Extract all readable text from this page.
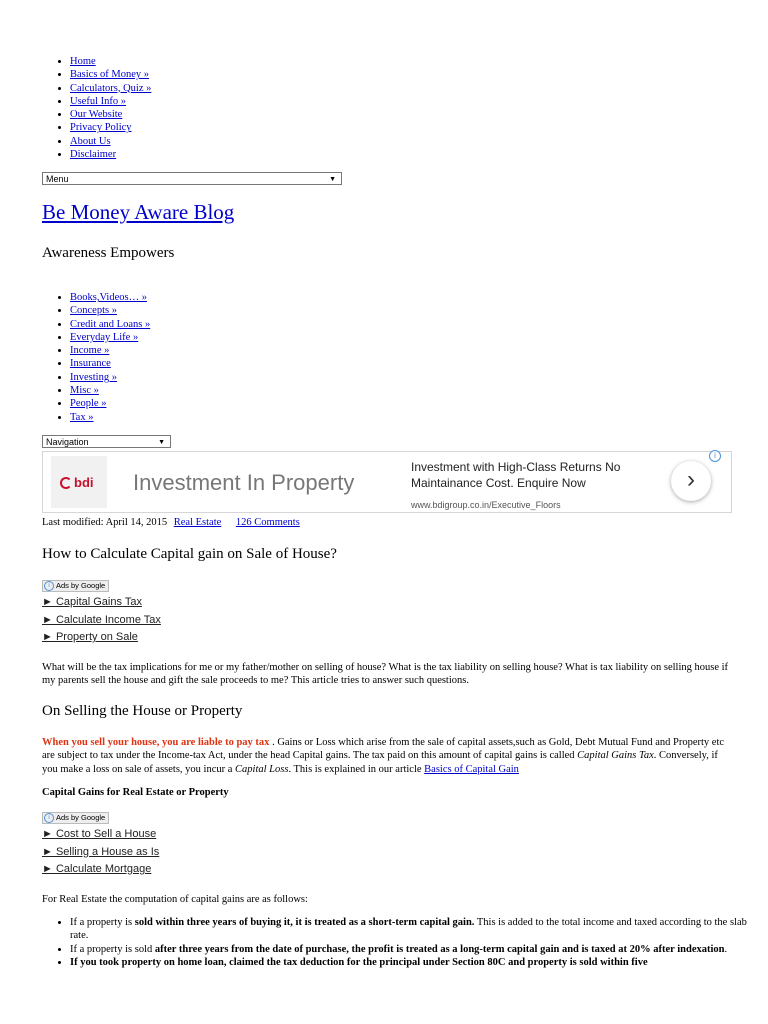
• Home
• Basics of Money »
• Calculators, Quiz »
• Useful Info »
• Our Website
• Privacy Policy
• About Us
• Disclaimer
Menu	▼
Be Money Aware Blog
Awareness Empowers
• Books,Videos… »
• Concepts »
• Credit and Loans »
• Everyday Life »
• Income »
• Insurance
• Investing »
• Misc »
• People »
• Tax »
Navigation	▼
bdi Investment In Property
Investment with High-Class Returns No Maintainance Cost. Enquire Now
www.bdigroup.co.in/Executive_Floors
›
i
Last modified: April 14, 2015 Real Estate 126 Comments
How to Calculate Capital gain on Sale of House?
i Ads by Google
► Capital Gains Tax
► Calculate Income Tax
► Property on Sale

What will be the tax implications for me or my father/mother on selling of house? What is the tax liability on selling house? What is tax liability on selling house if my parents sell the house and gift the sale proceeds to me? This article tries to answer such questions.

On Selling the House or Property

When you sell your house, you are liable to pay tax . Gains or Loss which arise from the sale of capital assets,such as Gold, Debt Mutual Fund and Property etc are subject to tax under the Income-tax Act, under the head Capital gains. The tax paid on this amount of capital gains is called Capital Gains Tax. Conversely, if you make a loss on sale of assets, you incur a Capital Loss. This is explained in our article Basics of Capital Gain

Capital Gains for Real Estate or Property
i Ads by Google
► Cost to Sell a House
► Selling a House as Is
► Calculate Mortgage

For Real Estate the computation of capital gains are as follows:

• If a property is sold within three years of buying it, it is treated as a short-term capital gain. This is added to the total income and taxed according to the slab rate.
• If a property is sold after three years from the date of purchase, the profit is treated as a long-term capital gain and is taxed at 20% after indexation.
• If you took property on home loan, claimed the tax deduction for the principal under Section 80C and property is sold within five
